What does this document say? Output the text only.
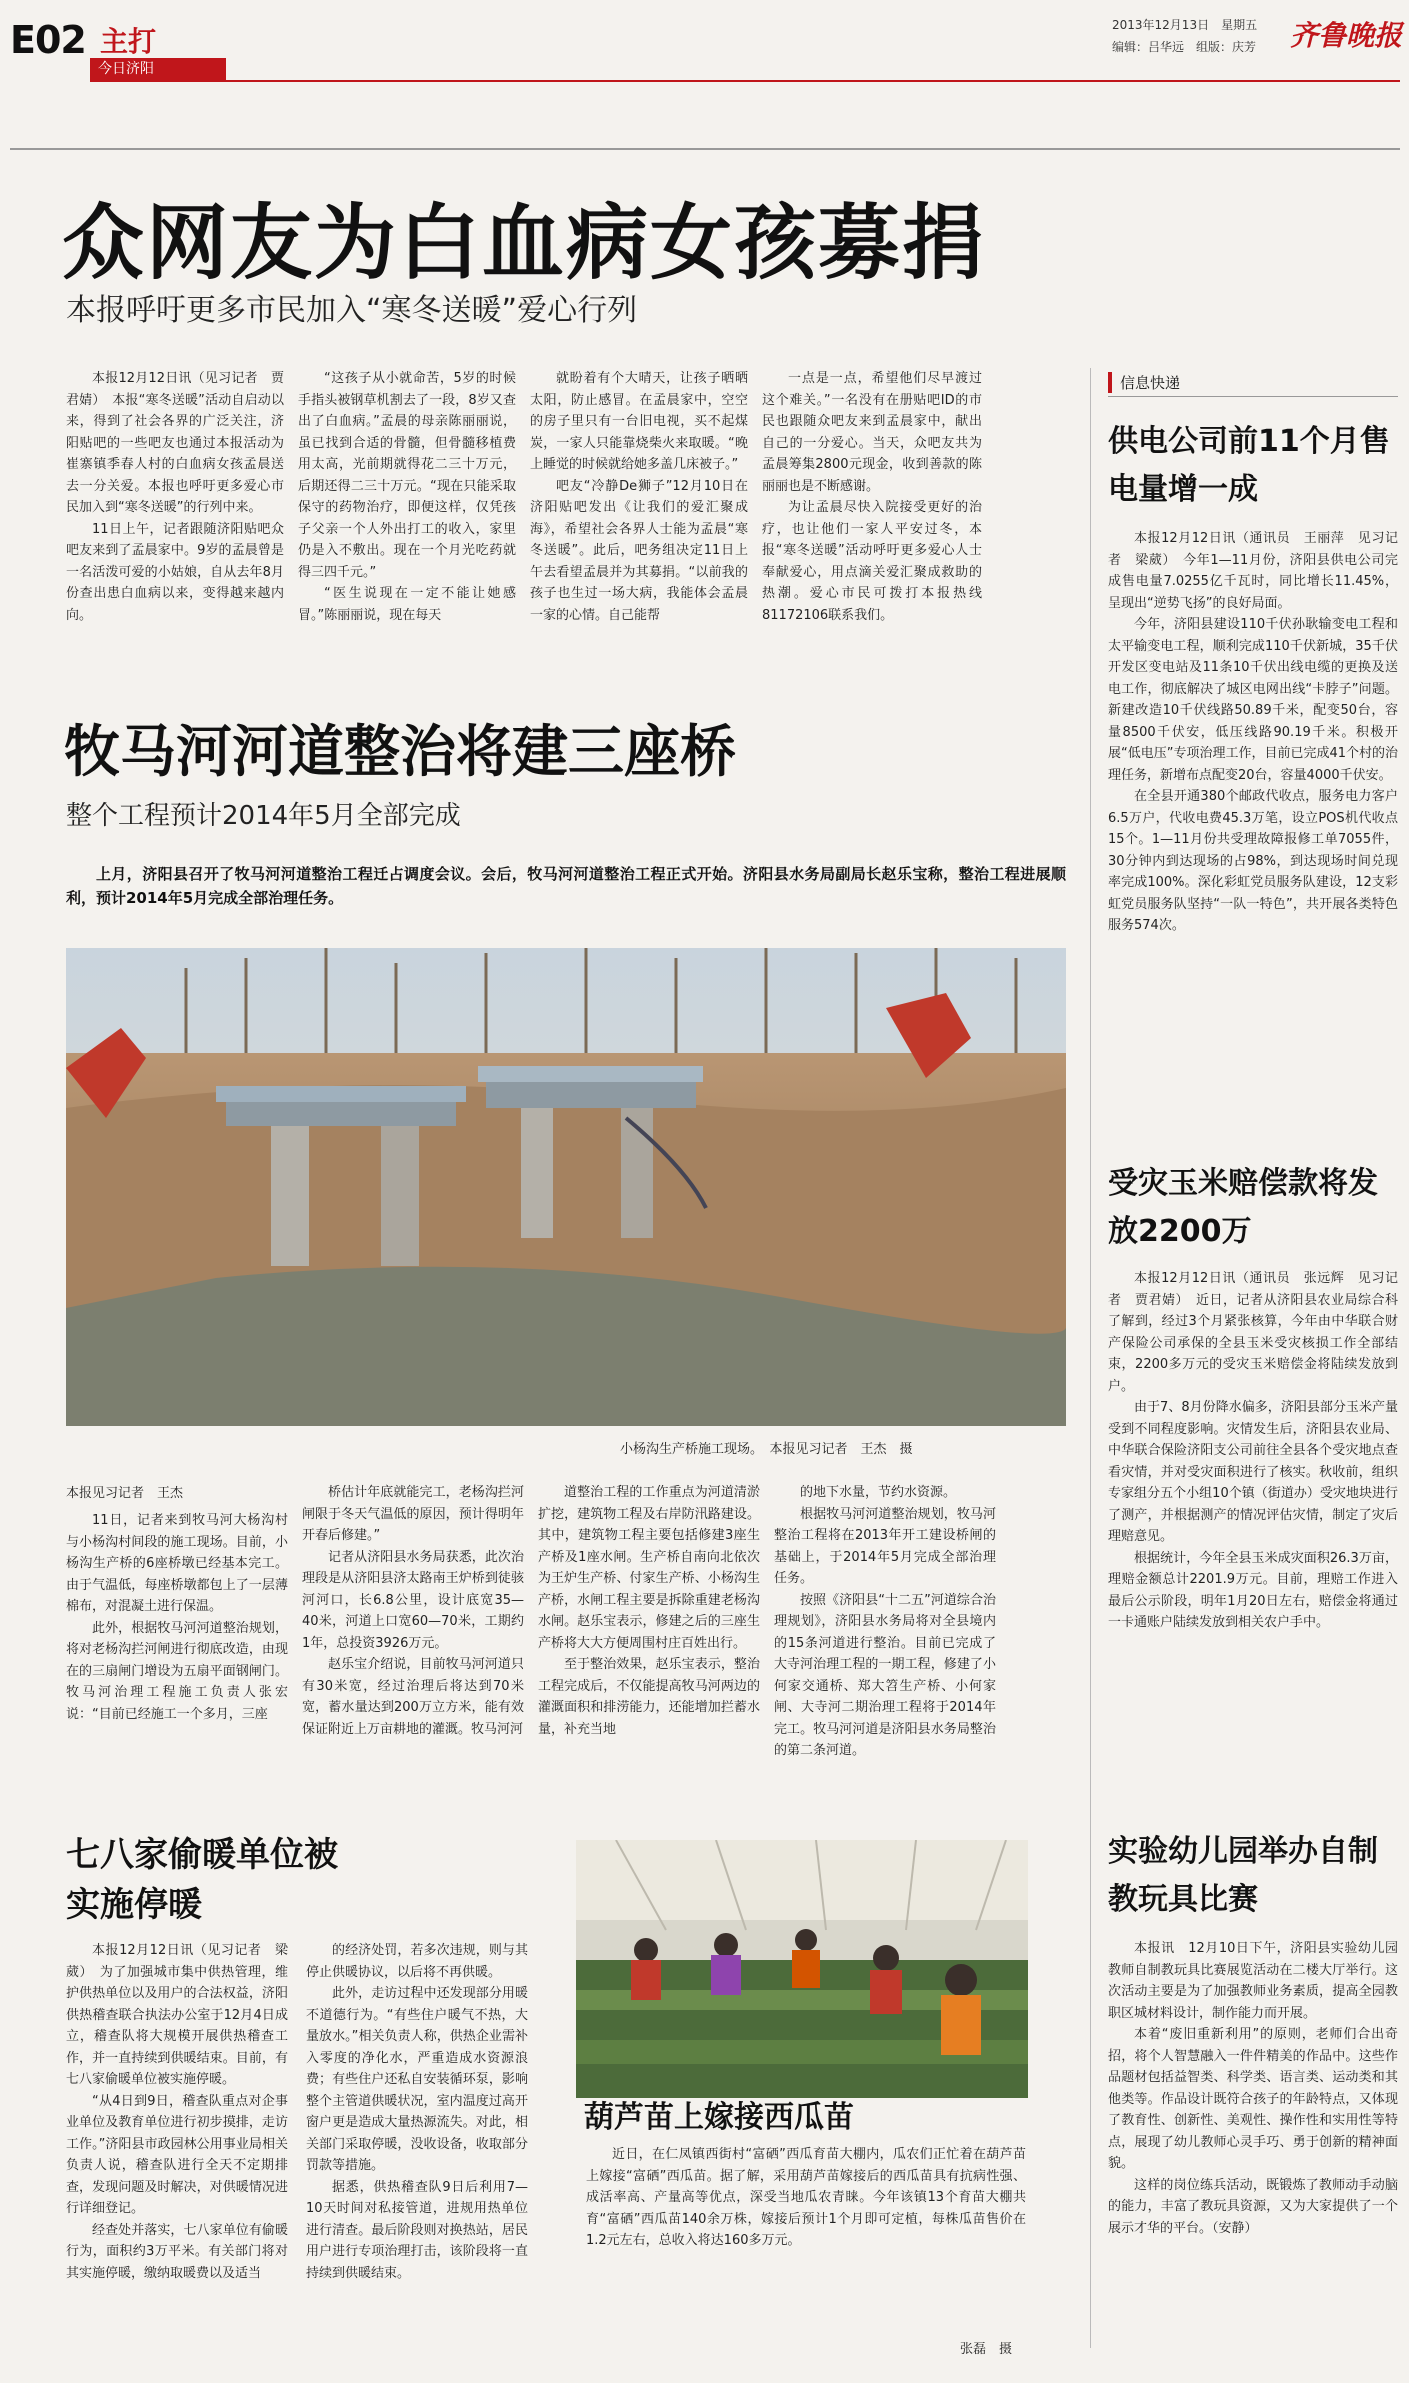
E02 主打
今日济阳
2013年12月13日　星期五
编辑：吕华远　组版：庆芳 齐鲁晚报
众网友为白血病女孩募捐
本报呼吁更多市民加入“寒冬送暖”爱心行列

本报12月12日讯（见习记者　贾君婧）　本报“寒冬送暖”活动自启动以来，得到了社会各界的广泛关注，济阳贴吧的一些吧友也通过本报活动为崔寨镇季春人村的白血病女孩孟晨送去一分关爱。本报也呼吁更多爱心市民加入到“寒冬送暖”的行列中来。

11日上午，记者跟随济阳贴吧众吧友来到了孟晨家中。9岁的孟晨曾是一名活泼可爱的小姑娘，自从去年8月份查出患白血病以来，变得越来越内向。

“这孩子从小就命苦，5岁的时候手指头被钢草机割去了一段，8岁又查出了白血病。”孟晨的母亲陈丽丽说，虽已找到合适的骨髓，但骨髓移植费用太高，光前期就得花二三十万元，后期还得二三十万元。“现在只能采取保守的药物治疗，即便这样，仅凭孩子父亲一个人外出打工的收入，家里仍是入不敷出。现在一个月光吃药就得三四千元。”

“医生说现在一定不能让她感冒。”陈丽丽说，现在每天

就盼着有个大晴天，让孩子晒晒太阳，防止感冒。在孟晨家中，空空的房子里只有一台旧电视，买不起煤炭，一家人只能靠烧柴火来取暖。“晚上睡觉的时候就给她多盖几床被子。”

吧友“冷静De狮子”12月10日在济阳贴吧发出《让我们的爱汇聚成海》，希望社会各界人士能为孟晨“寒冬送暖”。此后，吧务组决定11日上午去看望孟晨并为其募捐。“以前我的孩子也生过一场大病，我能体会孟晨一家的心情。自己能帮

一点是一点，希望他们尽早渡过这个难关。”一名没有在册贴吧ID的市民也跟随众吧友来到孟晨家中，献出自己的一分爱心。当天，众吧友共为孟晨筹集2800元现金，收到善款的陈丽丽也是不断感谢。

为让孟晨尽快入院接受更好的治疗，也让他们一家人平安过冬，本报“寒冬送暖”活动呼吁更多爱心人士奉献爱心，用点滴关爱汇聚成救助的热潮。爱心市民可拨打本报热线81172106联系我们。

牧马河河道整治将建三座桥
整个工程预计2014年5月全部完成
上月，济阳县召开了牧马河河道整治工程迁占调度会议。会后，牧马河河道整治工程正式开始。济阳县水务局副局长赵乐宝称，整治工程进展顺利，预计2014年5月完成全部治理任务。
小杨沟生产桥施工现场。　本报见习记者　王杰　摄
本报见习记者　王杰

11日，记者来到牧马河大杨沟村与小杨沟村间段的施工现场。目前，小杨沟生产桥的6座桥墩已经基本完工。由于气温低，每座桥墩都包上了一层薄棉布，对混凝土进行保温。

此外，根据牧马河河道整治规划，将对老杨沟拦河闸进行彻底改造，由现在的三扇闸门增设为五扇平面钢闸门。牧马河治理工程施工负责人张宏说：“目前已经施工一个多月，三座

桥估计年底就能完工，老杨沟拦河闸限于冬天气温低的原因，预计得明年开春后修建。”

记者从济阳县水务局获悉，此次治理段是从济阳县济太路南王炉桥到徒骇河河口，长6.8公里，设计底宽35—40米，河道上口宽60—70米，工期约1年，总投资3926万元。

赵乐宝介绍说，目前牧马河河道只有30米宽，经过治理后将达到70米宽，蓄水量达到200万立方米，能有效保证附近上万亩耕地的灌溉。牧马河河

道整治工程的工作重点为河道清淤扩挖，建筑物工程及右岸防汛路建设。其中，建筑物工程主要包括修建3座生产桥及1座水闸。生产桥自南向北依次为王炉生产桥、付家生产桥、小杨沟生产桥，水闸工程主要是拆除重建老杨沟水闸。赵乐宝表示，修建之后的三座生产桥将大大方便周围村庄百姓出行。

至于整治效果，赵乐宝表示，整治工程完成后，不仅能提高牧马河两边的灌溉面积和排涝能力，还能增加拦蓄水量，补充当地

的地下水量，节约水资源。

根据牧马河河道整治规划，牧马河整治工程将在2013年开工建设桥闸的基础上，于2014年5月完成全部治理任务。

按照《济阳县“十二五”河道综合治理规划》，济阳县水务局将对全县境内的15条河道进行整治。目前已完成了大寺河治理工程的一期工程，修建了小何家交通桥、郑大笤生产桥、小何家闸、大寺河二期治理工程将于2014年完工。牧马河河道是济阳县水务局整治的第二条河道。

七八家偷暖单位被实施停暖

本报12月12日讯（见习记者　梁葳）　为了加强城市集中供热管理，维护供热单位以及用户的合法权益，济阳供热稽查联合执法办公室于12月4日成立，稽查队将大规模开展供热稽查工作，并一直持续到供暖结束。目前，有七八家偷暖单位被实施停暖。

“从4日到9日，稽查队重点对企事业单位及教育单位进行初步摸排，走访工作。”济阳县市政园林公用事业局相关负责人说，稽查队进行全天不定期排查，发现问题及时解决，对供暖情况进行详细登记。

经查处并落实，七八家单位有偷暖行为，面积约3万平米。有关部门将对其实施停暖，缴纳取暖费以及适当

的经济处罚，若多次违规，则与其停止供暖协议，以后将不再供暖。

此外，走访过程中还发现部分用暖不道德行为。“有些住户暖气不热，大量放水。”相关负责人称，供热企业需补入零度的净化水，严重造成水资源浪费；有些住户还私自安装循环泵，影响整个主管道供暖状况，室内温度过高开窗户更是造成大量热源流失。对此，相关部门采取停暖，没收设备，收取部分罚款等措施。

据悉，供热稽查队9日后利用7—10天时间对私接管道，进规用热单位进行清查。最后阶段则对换热站，居民用户进行专项治理打击，该阶段将一直持续到供暖结束。

葫芦苗上嫁接西瓜苗

近日，在仁凤镇西街村“富硒”西瓜育苗大棚内，瓜农们正忙着在葫芦苗上嫁接“富硒”西瓜苗。据了解，采用葫芦苗嫁接后的西瓜苗具有抗病性强、成活率高、产量高等优点，深受当地瓜农青睐。今年该镇13个育苗大棚共育“富硒”西瓜苗140余万株，嫁接后预计1个月即可定植，每株瓜苗售价在1.2元左右，总收入将达160多万元。

张磊　摄
信息快递
供电公司前11个月售电量增一成

本报12月12日讯（通讯员　王丽萍　见习记者　梁葳）　今年1—11月份，济阳县供电公司完成售电量7.0255亿千瓦时，同比增长11.45%，呈现出“逆势飞扬”的良好局面。

今年，济阳县建设110千伏孙耿输变电工程和太平输变电工程，顺利完成110千伏新城，35千伏开发区变电站及11条10千伏出线电缆的更换及送电工作，彻底解决了城区电网出线“卡脖子”问题。新建改造10千伏线路50.89千米，配变50台，容量8500千伏安，低压线路90.19千米。积极开展“低电压”专项治理工作，目前已完成41个村的治理任务，新增布点配变20台，容量4000千伏安。

在全县开通380个邮政代收点，服务电力客户6.5万户，代收电费45.3万笔，设立POS机代收点15个。1—11月份共受理故障报修工单7055件，30分钟内到达现场的占98%，到达现场时间兑现率完成100%。深化彩虹党员服务队建设，12支彩虹党员服务队坚持“一队一特色”，共开展各类特色服务574次。

受灾玉米赔偿款将发放2200万

本报12月12日讯（通讯员　张远辉　见习记者　贾君婧）　近日，记者从济阳县农业局综合科了解到，经过3个月紧张核算，今年由中华联合财产保险公司承保的全县玉米受灾核损工作全部结束，2200多万元的受灾玉米赔偿金将陆续发放到户。

由于7、8月份降水偏多，济阳县部分玉米产量受到不同程度影响。灾情发生后，济阳县农业局、中华联合保险济阳支公司前往全县各个受灾地点查看灾情，并对受灾面积进行了核实。秋收前，组织专家组分五个小组10个镇（街道办）受灾地块进行了测产，并根据测产的情况评估灾情，制定了灾后理赔意见。

根据统计，今年全县玉米成灾面积26.3万亩，理赔金额总计2201.9万元。目前，理赔工作进入最后公示阶段，明年1月20日左右，赔偿金将通过一卡通账户陆续发放到相关农户手中。

实验幼儿园举办自制教玩具比赛

本报讯　12月10日下午，济阳县实验幼儿园教师自制教玩具比赛展览活动在二楼大厅举行。这次活动主要是为了加强教师业务素质，提高全园教职区城材料设计，制作能力而开展。

本着“废旧重新利用”的原则，老师们合出奇招，将个人智慧融入一件件精美的作品中。这些作品题材包括益智类、科学类、语言类、运动类和其他类等。作品设计既符合孩子的年龄特点，又体现了教育性、创新性、美观性、操作性和实用性等特点，展现了幼儿教师心灵手巧、勇于创新的精神面貌。

这样的岗位练兵活动，既锻炼了教师动手动脑的能力，丰富了教玩具资源，又为大家提供了一个展示才华的平台。（安静）
